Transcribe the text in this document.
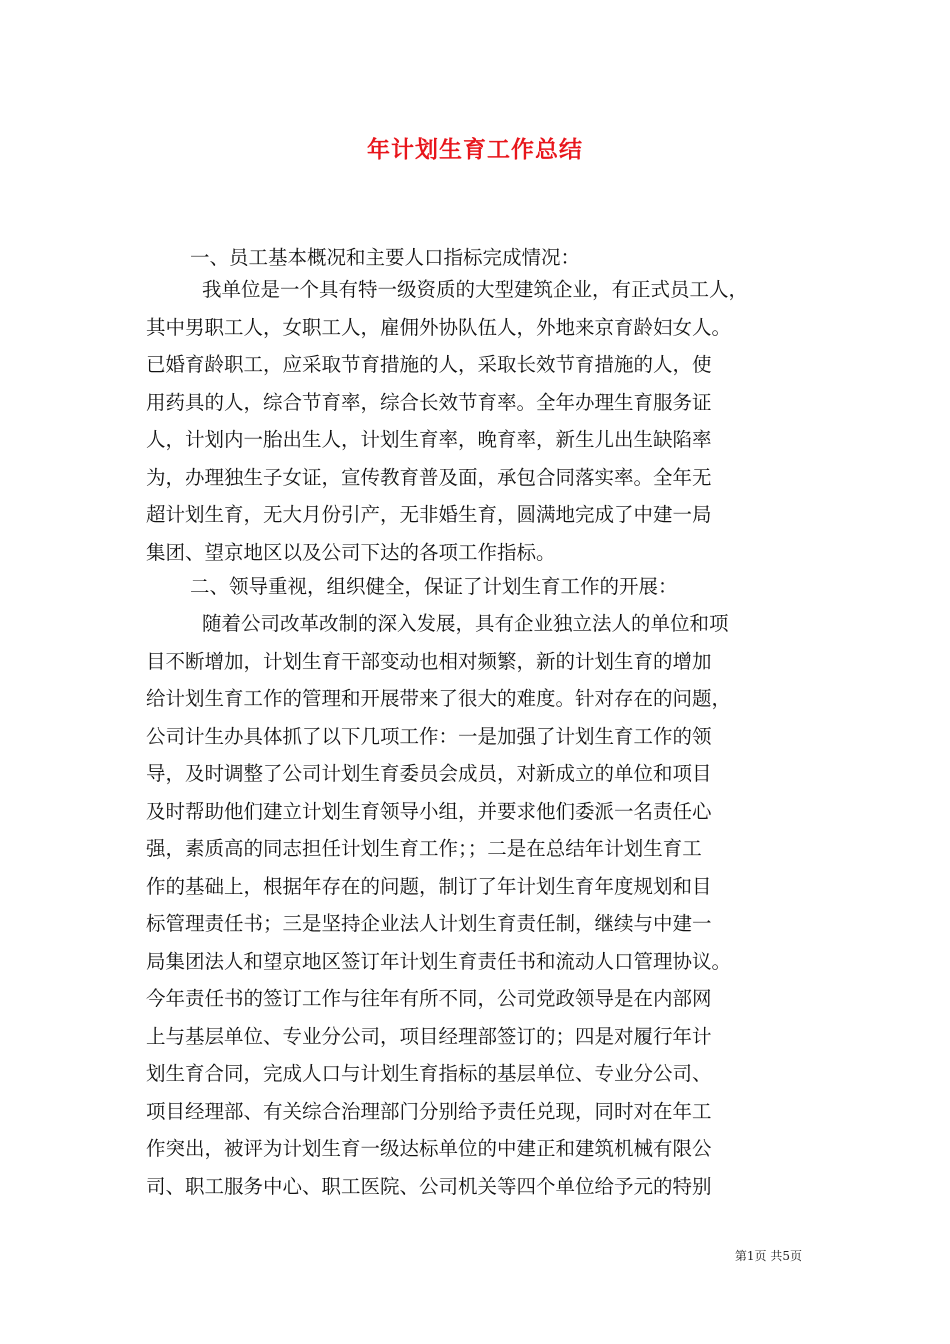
年计划生育工作总结

一、员工基本概况和主要人口指标完成情况：

我单位是一个具有特一级资质的大型建筑企业，有正式员工人，
其中男职工人，女职工人，雇佣外协队伍人，外地来京育龄妇女人。
已婚育龄职工，应采取节育措施的人，采取长效节育措施的人，使
用药具的人，综合节育率，综合长效节育率。全年办理生育服务证
人，计划内一胎出生人，计划生育率，晚育率，新生儿出生缺陷率
为，办理独生子女证，宣传教育普及面，承包合同落实率。全年无
超计划生育，无大月份引产，无非婚生育，圆满地完成了中建一局
集团、望京地区以及公司下达的各项工作指标。

二、领导重视，组织健全，保证了计划生育工作的开展：

随着公司改革改制的深入发展，具有企业独立法人的单位和项
目不断增加，计划生育干部变动也相对频繁，新的计划生育的增加
给计划生育工作的管理和开展带来了很大的难度。针对存在的问题，
公司计生办具体抓了以下几项工作：一是加强了计划生育工作的领
导，及时调整了公司计划生育委员会成员，对新成立的单位和项目
及时帮助他们建立计划生育领导小组，并要求他们委派一名责任心
强，素质高的同志担任计划生育工作；；二是在总结年计划生育工
作的基础上，根据年存在的问题，制订了年计划生育年度规划和目
标管理责任书；三是坚持企业法人计划生育责任制，继续与中建一
局集团法人和望京地区签订年计划生育责任书和流动人口管理协议。
今年责任书的签订工作与往年有所不同，公司党政领导是在内部网
上与基层单位、专业分公司，项目经理部签订的；四是对履行年计
划生育合同，完成人口与计划生育指标的基层单位、专业分公司、
项目经理部、有关综合治理部门分别给予责任兑现，同时对在年工
作突出，被评为计划生育一级达标单位的中建正和建筑机械有限公
司、职工服务中心、职工医院、公司机关等四个单位给予元的特别
第1页 共5页
